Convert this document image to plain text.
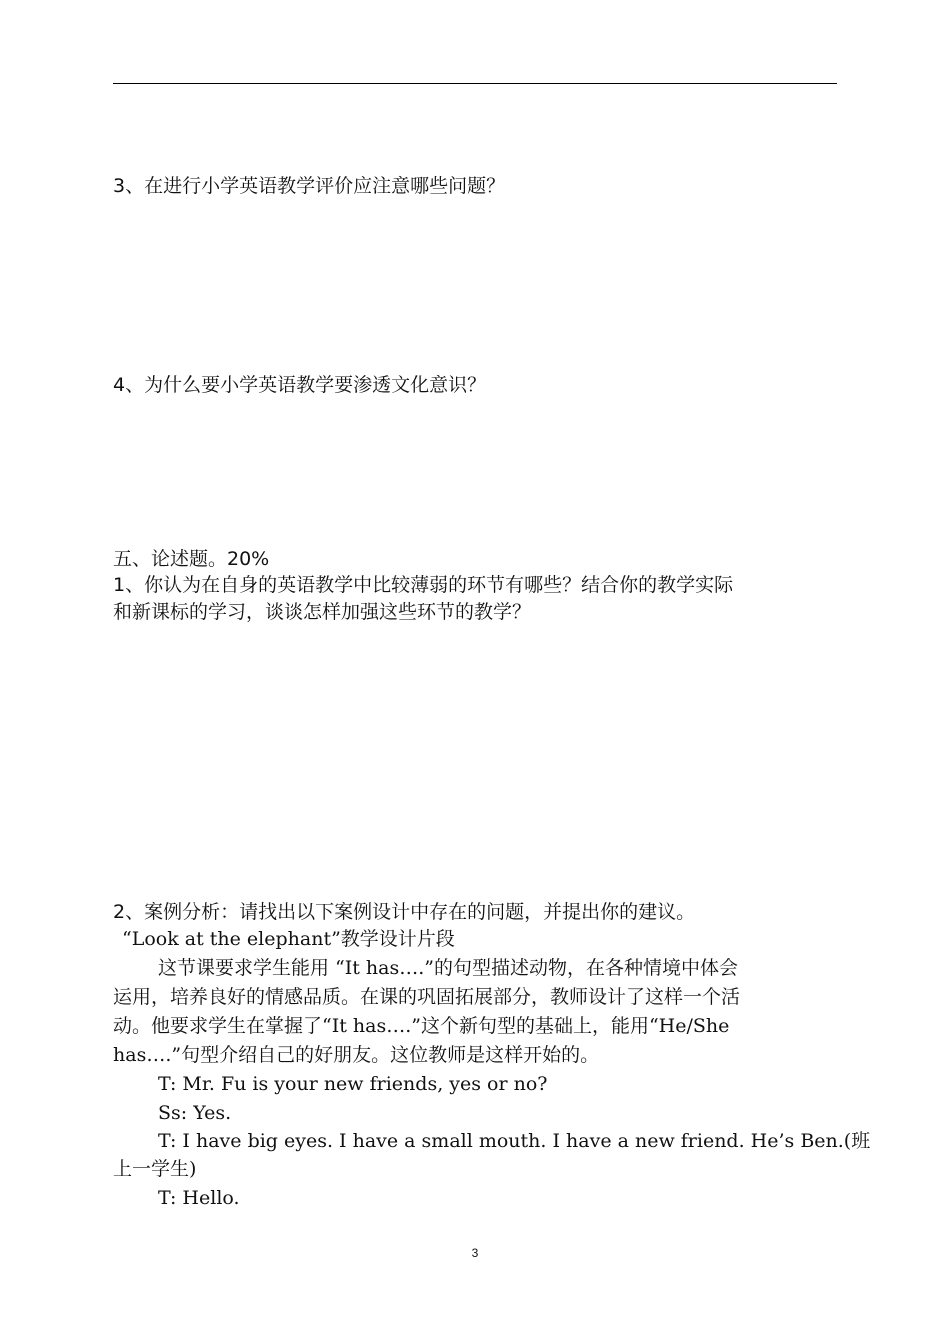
3、在进行小学英语教学评价应注意哪些问题？
4、为什么要小学英语教学要渗透文化意识？
五、论述题。20%
1、你认为在自身的英语教学中比较薄弱的环节有哪些？结合你的教学实际
和新课标的学习，谈谈怎样加强这些环节的教学？
2、案例分析：请找出以下案例设计中存在的问题，并提出你的建议。
“Look at the elephant”教学设计片段
这节课要求学生能用 “It has….”的句型描述动物，在各种情境中体会
运用，培养良好的情感品质。在课的巩固拓展部分，教师设计了这样一个活
动。他要求学生在掌握了“It has….”这个新句型的基础上，能用“He/She
has….”句型介绍自己的好朋友。这位教师是这样开始的。
T: Mr. Fu is your new friends, yes or no?
Ss: Yes.
T: I have big eyes. I have a small mouth. I have a new friend. He’s Ben.(班
上一学生)
T: Hello.
3
